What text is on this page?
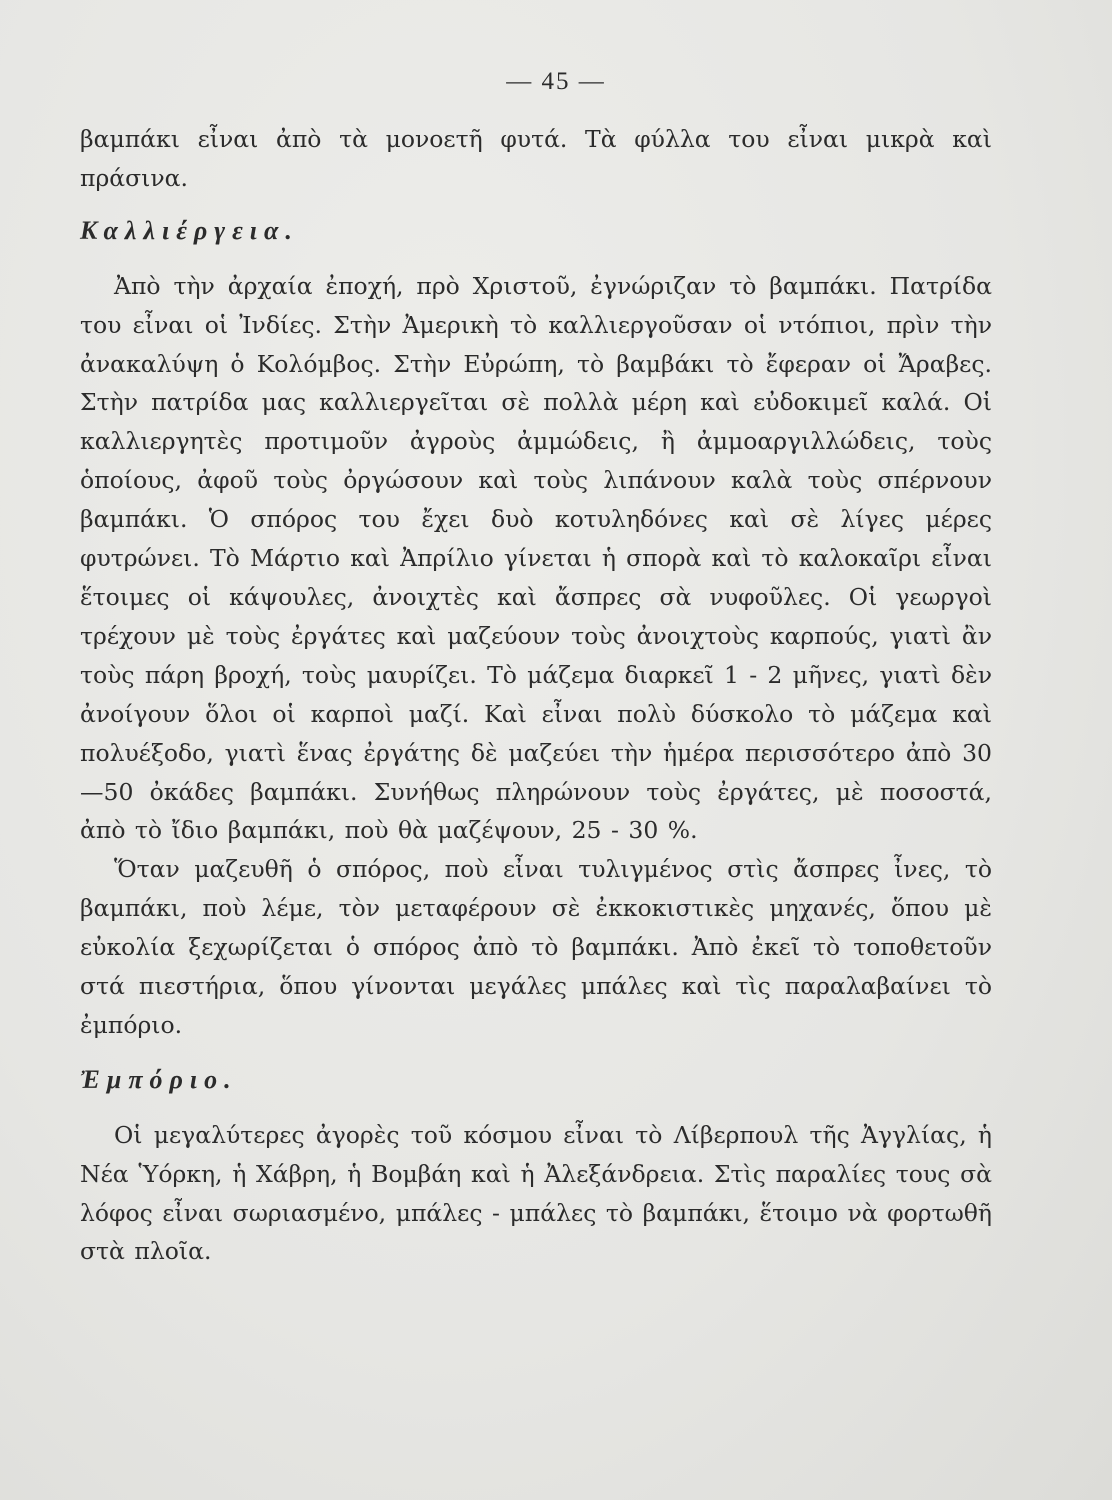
— 45 —

βαμπάκι εἶναι ἀπὸ τὰ μονοετῆ φυτά. Τὰ φύλλα του εἶναι μικρὰ καὶ πράσινα.

Καλλιέργεια.

Ἀπὸ τὴν ἀρχαία ἐποχή, πρὸ Χριστοῦ, ἐγνώριζαν τὸ βαμπάκι. Πατρίδα του εἶναι οἱ Ἰνδίες. Στὴν Ἀμερικὴ τὸ καλλιεργοῦσαν οἱ ντόπιοι, πρὶν τὴν ἀνακαλύψη ὁ Κολόμβος. Στὴν Εὐρώπη, τὸ βαμβάκι τὸ ἔφεραν οἱ Ἄραβες. Στὴν πατρίδα μας καλλιεργεῖται σὲ πολλὰ μέρη καὶ εὐδοκιμεῖ καλά. Οἱ καλλιεργητὲς προτιμοῦν ἀγροὺς ἀμμώδεις, ἢ ἀμμοαργιλλώδεις, τοὺς ὁποίους, ἀφοῦ τοὺς ὀργώσουν καὶ τοὺς λιπάνουν καλὰ τοὺς σπέρνουν βαμπάκι. Ὁ σπόρος του ἔχει δυὸ κοτυληδόνες καὶ σὲ λίγες μέρες φυτρώνει. Τὸ Μάρτιο καὶ Ἀπρίλιο γίνεται ἡ σπορὰ καὶ τὸ καλοκαῖρι εἶναι ἕτοιμες οἱ κάψουλες, ἀνοιχτὲς καὶ ἄσπρες σὰ νυφοῦλες. Οἱ γεωργοὶ τρέχουν μὲ τοὺς ἐργάτες καὶ μαζεύουν τοὺς ἀνοιχτοὺς καρπούς, γιατὶ ἂν τοὺς πάρη βροχή, τοὺς μαυρίζει. Τὸ μάζεμα διαρκεῖ 1 - 2 μῆνες, γιατὶ δὲν ἀνοίγουν ὅλοι οἱ καρποὶ μαζί. Καὶ εἶναι πολὺ δύσκολο τὸ μάζεμα καὶ πολυέξοδο, γιατὶ ἕνας ἐργάτης δὲ μαζεύει τὴν ἡμέρα περισσότερο ἀπὸ 30—50 ὀκάδες βαμπάκι. Συνήθως πληρώνουν τοὺς ἐργάτες, μὲ ποσοστά, ἀπὸ τὸ ἴδιο βαμπάκι, ποὺ θὰ μαζέψουν, 25 - 30 %.

Ὅταν μαζευθῆ ὁ σπόρος, ποὺ εἶναι τυλιγμένος στὶς ἄσπρες ἶνες, τὸ βαμπάκι, ποὺ λέμε, τὸν μεταφέρουν σὲ ἐκκοκιστικὲς μηχανές, ὅπου μὲ εὐκολία ξεχωρίζεται ὁ σπόρος ἀπὸ τὸ βαμπάκι. Ἀπὸ ἐκεῖ τὸ τοποθετοῦν στά πιεστήρια, ὅπου γίνονται μεγάλες μπάλες καὶ τὶς παραλαβαίνει τὸ ἐμπόριο.

Ἐμπόριο.

Οἱ μεγαλύτερες ἀγορὲς τοῦ κόσμου εἶναι τὸ Λίβερπουλ τῆς Ἀγγλίας, ἡ Νέα Ὑόρκη, ἡ Χάβρη, ἡ Βομβάη καὶ ἡ Ἀλεξάνδρεια. Στὶς παραλίες τους σὰ λόφος εἶναι σωριασμένο, μπάλες - μπάλες τὸ βαμπάκι, ἕτοιμο νὰ φορτωθῆ στὰ πλοῖα.
